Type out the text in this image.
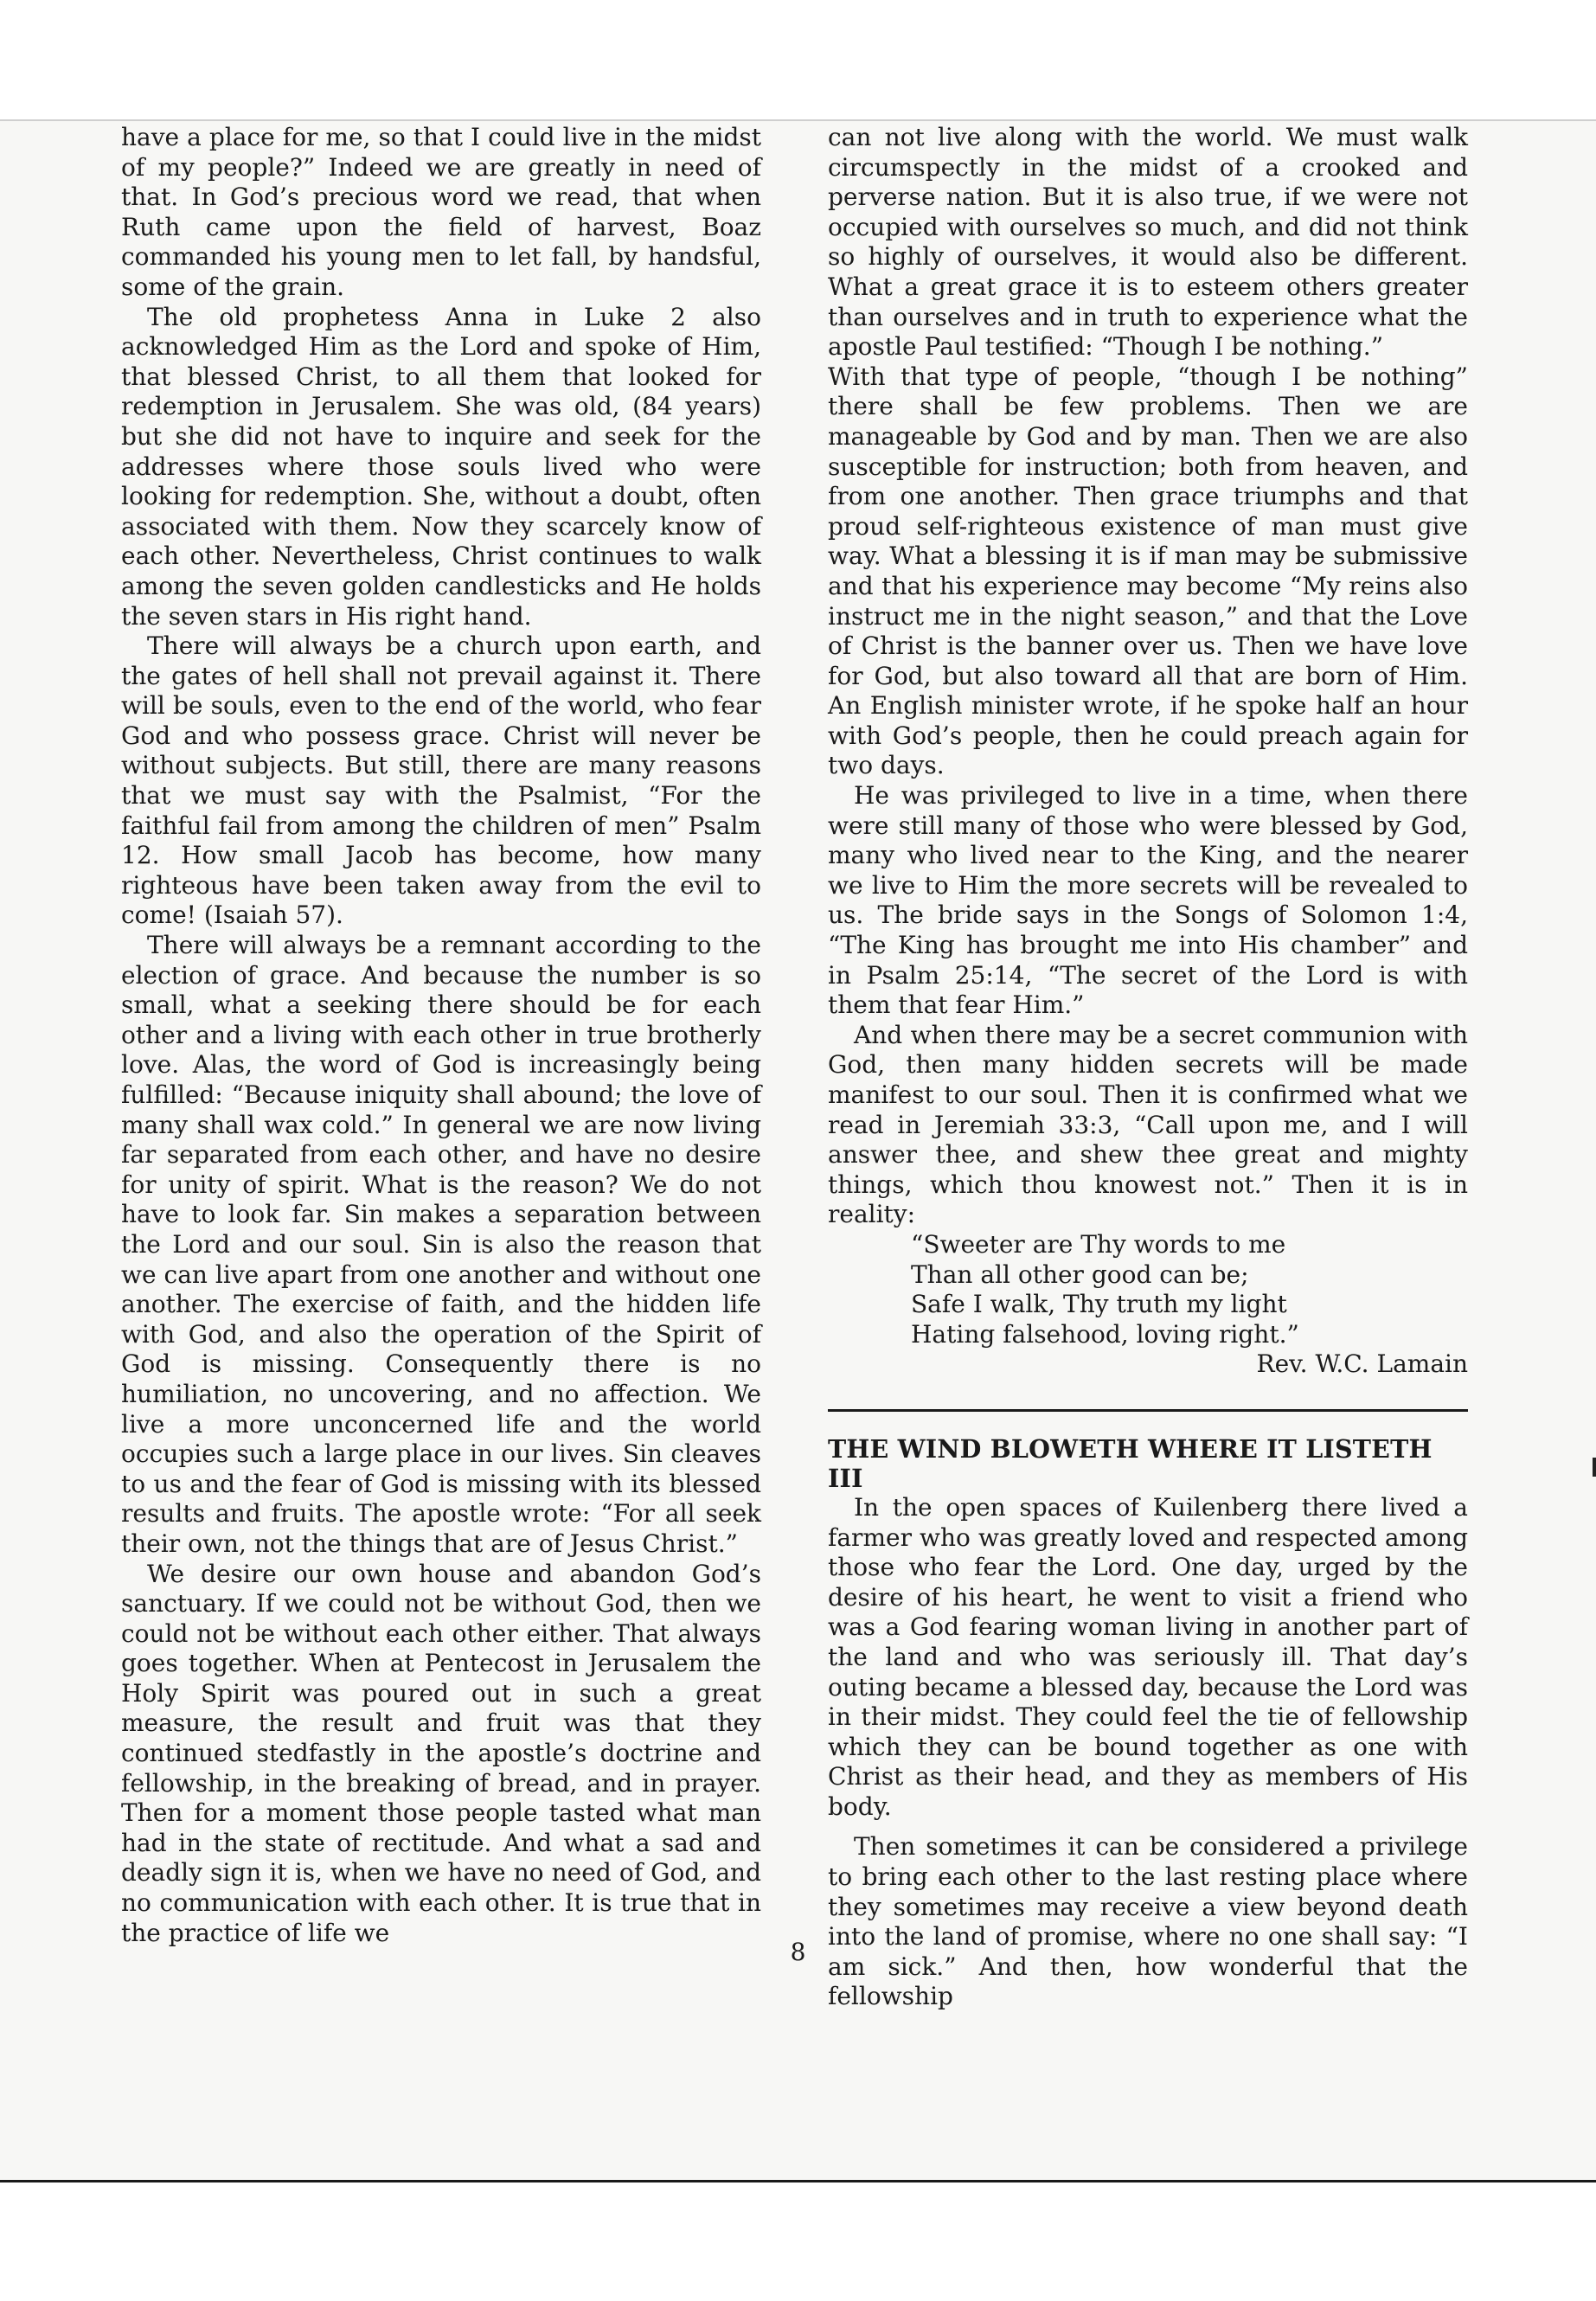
have a place for me, so that I could live in the midst of my people?” Indeed we are greatly in need of that. In God’s precious word we read, that when Ruth came upon the field of harvest, Boaz commanded his young men to let fall, by handsful, some of the grain.

The old prophetess Anna in Luke 2 also acknowledged Him as the Lord and spoke of Him, that blessed Christ, to all them that looked for redemption in Jerusalem. She was old, (84 years) but she did not have to inquire and seek for the addresses where those souls lived who were looking for redemption. She, without a doubt, often associated with them. Now they scarcely know of each other. Nevertheless, Christ continues to walk among the seven golden candlesticks and He holds the seven stars in His right hand.

There will always be a church upon earth, and the gates of hell shall not prevail against it. There will be souls, even to the end of the world, who fear God and who possess grace. Christ will never be without subjects. But still, there are many reasons that we must say with the Psalmist, “For the faithful fail from among the children of men” Psalm 12. How small Jacob has become, how many righteous have been taken away from the evil to come! (Isaiah 57).

There will always be a remnant according to the election of grace. And because the number is so small, what a seeking there should be for each other and a living with each other in true brotherly love. Alas, the word of God is increasingly being fulfilled: “Because iniquity shall abound; the love of many shall wax cold.” In general we are now living far separated from each other, and have no desire for unity of spirit. What is the reason? We do not have to look far. Sin makes a separation between the Lord and our soul. Sin is also the reason that we can live apart from one another and without one another. The exercise of faith, and the hidden life with God, and also the operation of the Spirit of God is missing. Consequently there is no humiliation, no uncovering, and no affection. We live a more unconcerned life and the world occupies such a large place in our lives. Sin cleaves to us and the fear of God is missing with its blessed results and fruits. The apostle wrote: “For all seek their own, not the things that are of Jesus Christ.”

We desire our own house and abandon God’s sanctuary. If we could not be without God, then we could not be without each other either. That always goes together. When at Pentecost in Jerusalem the Holy Spirit was poured out in such a great measure, the result and fruit was that they continued stedfastly in the apostle’s doctrine and fellowship, in the breaking of bread, and in prayer. Then for a moment those people tasted what man had in the state of rectitude. And what a sad and deadly sign it is, when we have no need of God, and no communication with each other. It is true that in the practice of life we

can not live along with the world. We must walk circumspectly in the midst of a crooked and perverse nation. But it is also true, if we were not occupied with ourselves so much, and did not think so highly of ourselves, it would also be different. What a great grace it is to esteem others greater than ourselves and in truth to experience what the apostle Paul testified: “Though I be nothing.”

With that type of people, “though I be nothing” there shall be few problems. Then we are manageable by God and by man. Then we are also susceptible for instruction; both from heaven, and from one another. Then grace triumphs and that proud self-righteous existence of man must give way. What a blessing it is if man may be submissive and that his experience may become “My reins also instruct me in the night season,” and that the Love of Christ is the banner over us. Then we have love for God, but also toward all that are born of Him. An English minister wrote, if he spoke half an hour with God’s people, then he could preach again for two days.

He was privileged to live in a time, when there were still many of those who were blessed by God, many who lived near to the King, and the nearer we live to Him the more secrets will be revealed to us. The bride says in the Songs of Solomon 1:4, “The King has brought me into His chamber” and in Psalm 25:14, “The secret of the Lord is with them that fear Him.”

And when there may be a secret communion with God, then many hidden secrets will be made manifest to our soul. Then it is confirmed what we read in Jeremiah 33:3, “Call upon me, and I will answer thee, and shew thee great and mighty things, which thou knowest not.” Then it is in reality:

“Sweeter are Thy words to me
Than all other good can be;
Safe I walk, Thy truth my light
Hating falsehood, loving right.”

Rev. W.C. Lamain

THE WIND BLOWETH WHERE IT LISTETH III

In the open spaces of Kuilenberg there lived a farmer who was greatly loved and respected among those who fear the Lord. One day, urged by the desire of his heart, he went to visit a friend who was a God fearing woman living in another part of the land and who was seriously ill. That day’s outing became a blessed day, because the Lord was in their midst. They could feel the tie of fellowship which they can be bound together as one with Christ as their head, and they as members of His body.

Then sometimes it can be considered a privilege to bring each other to the last resting place where they sometimes may receive a view beyond death into the land of promise, where no one shall say: “I am sick.” And then, how wonderful that the fellowship

8
